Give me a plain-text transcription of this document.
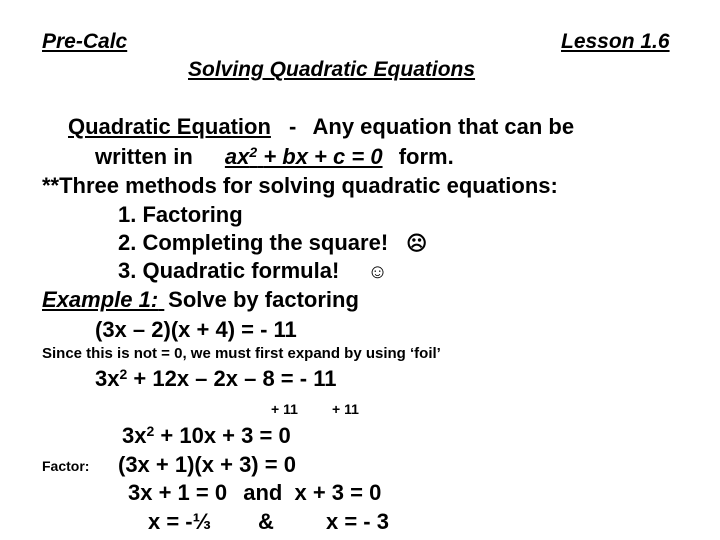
Pre-Calc	Lesson 1.6
Solving Quadratic Equations
Quadratic Equation - Any equation that can be
written in $ax^2$ + bx + c = 0 form.
**Three methods for solving quadratic equations:
1. Factoring
2. Completing the square! ☹
3. Quadratic formula! ☺
Example 1: Solve by factoring
(3x – 2)(x + 4) = - 11
Since this is not = 0, we must first expand by using ‘foil’
$3x^2 + 12x - 2x - 8$ = - 11
+ 11 + 11
$3x^2 + 10x + 3 = 0$
Factor: (3x + 1)(x + 3) = 0
3x + 1 = 0 and x + 3 = 0
x = -⅓ & x = - 3
